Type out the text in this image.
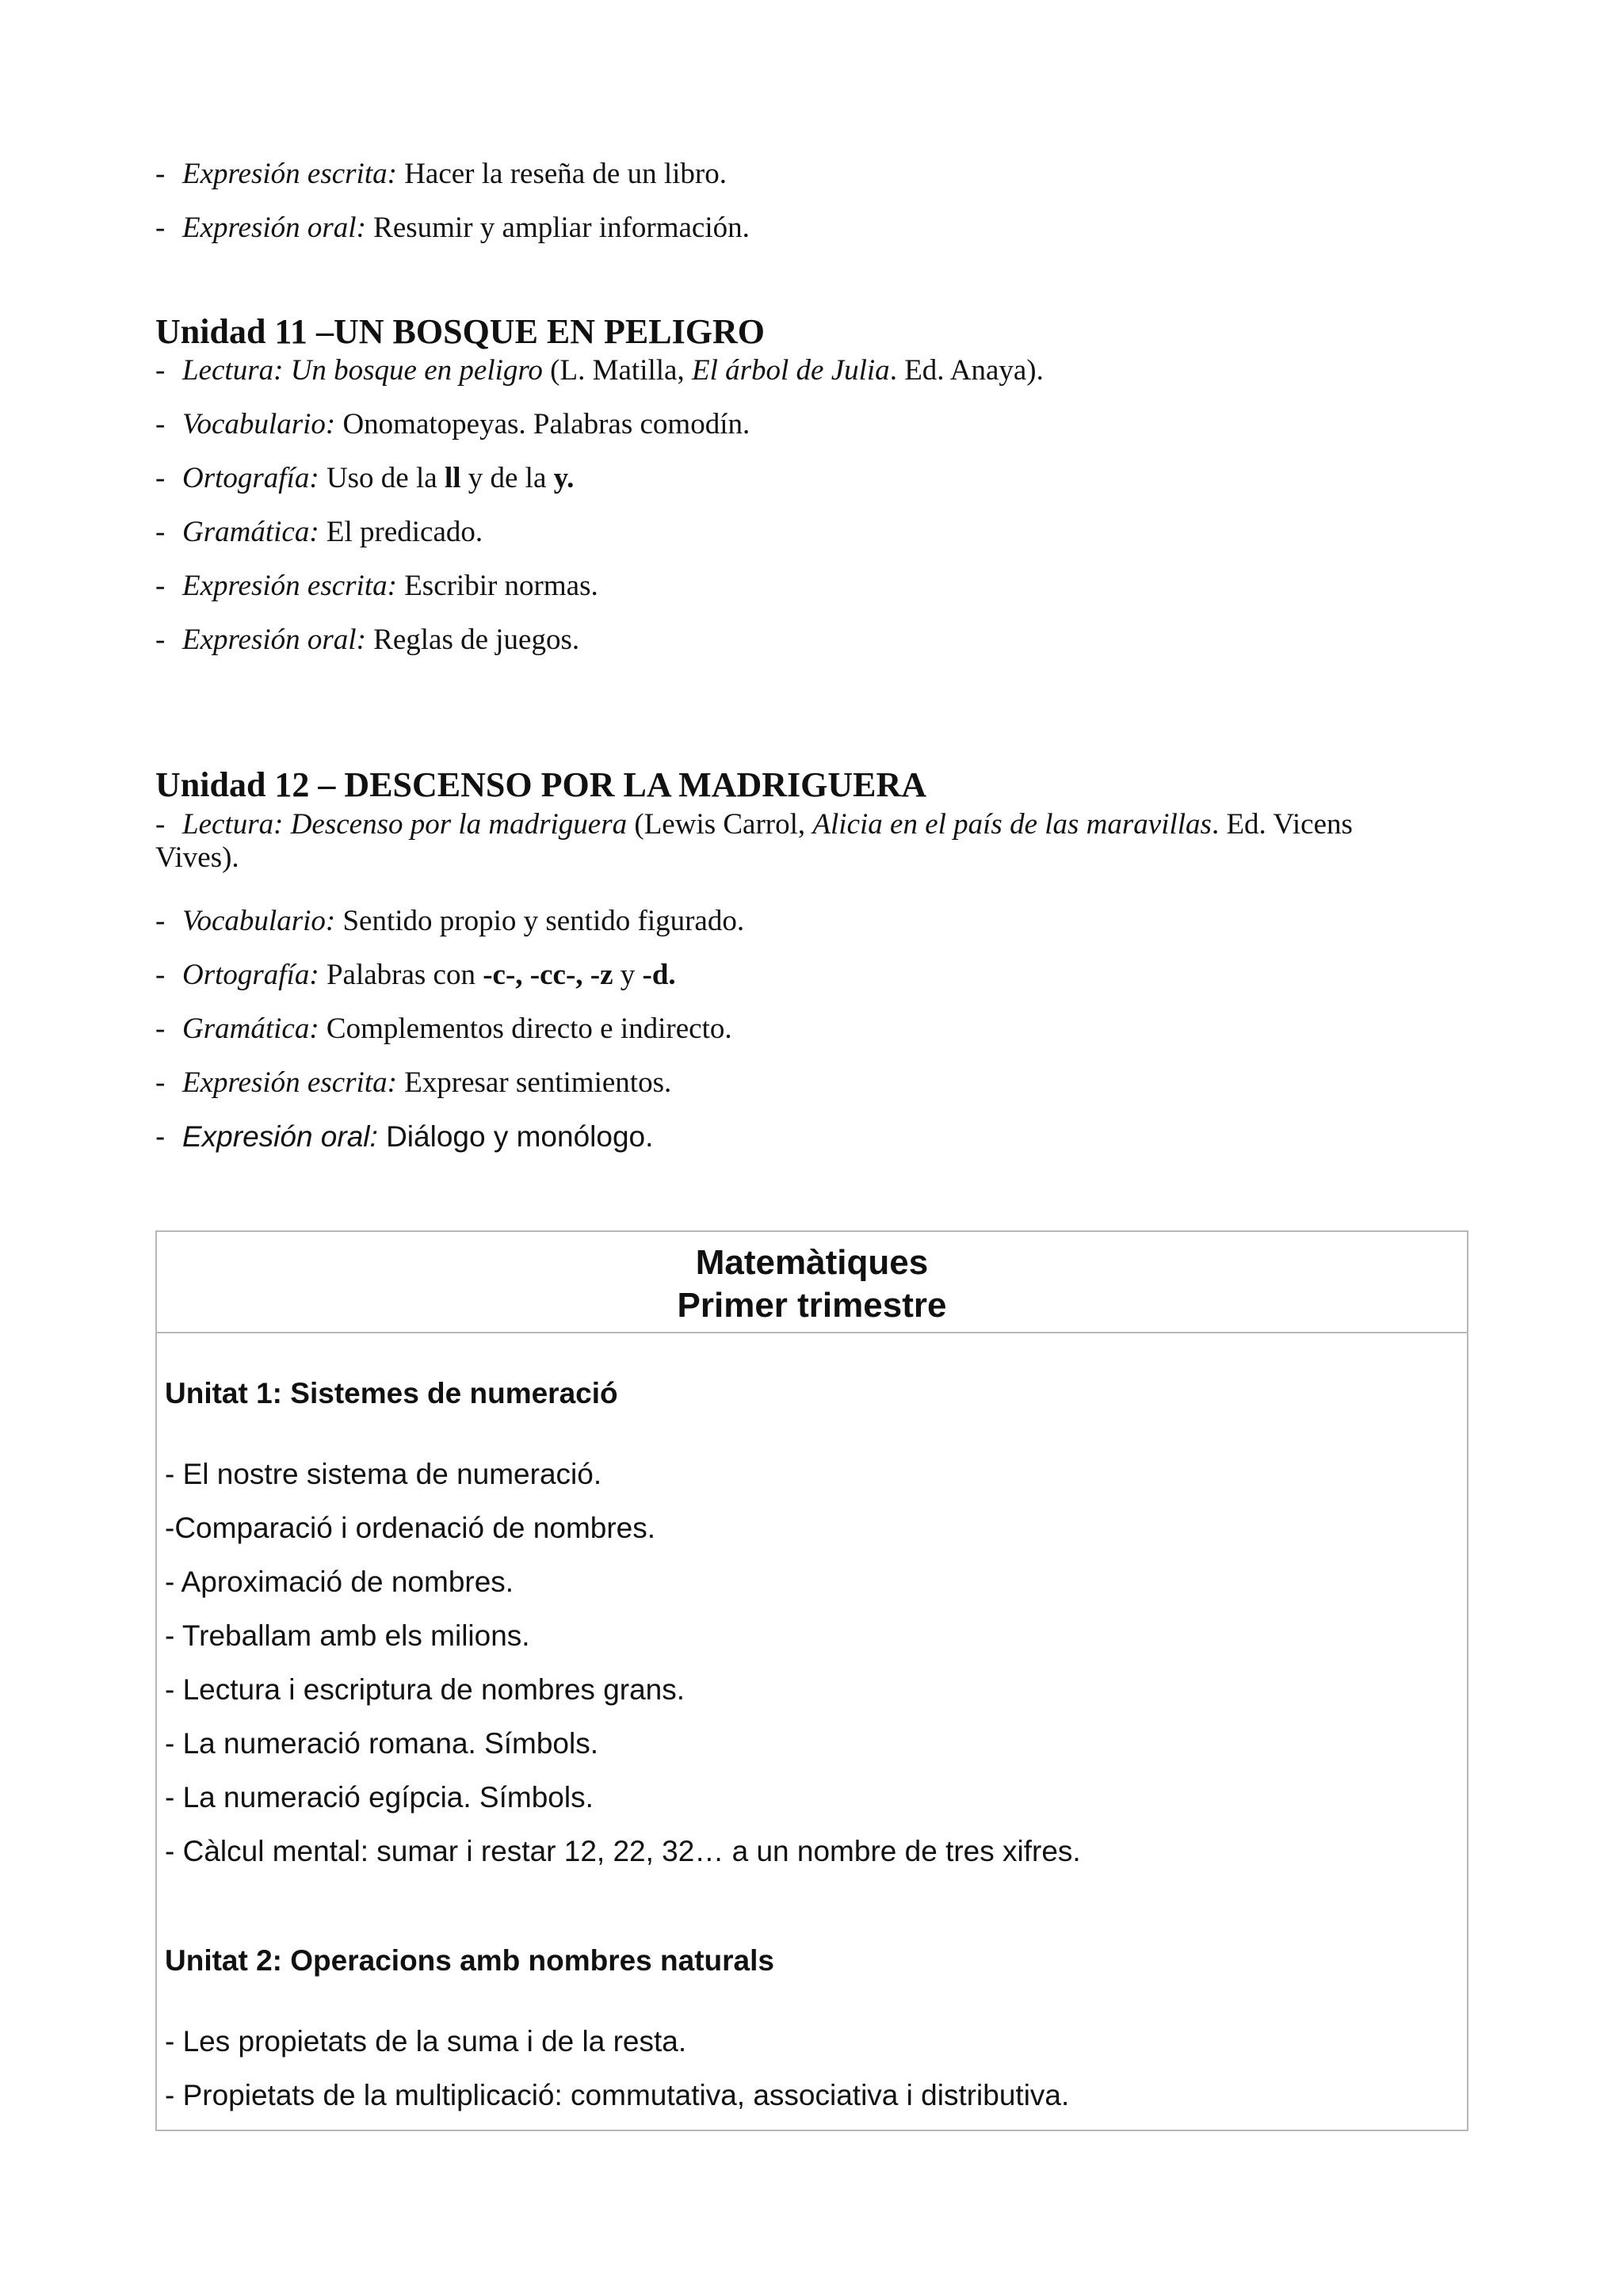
- Expresión escrita: Hacer la reseña de un libro.
- Expresión oral: Resumir y ampliar información.
Unidad 11 –UN BOSQUE EN PELIGRO
- Lectura: Un bosque en peligro (L. Matilla, El árbol de Julia. Ed. Anaya).
- Vocabulario: Onomatopeyas. Palabras comodín.
- Ortografía: Uso de la ll y de la y.
- Gramática: El predicado.
- Expresión escrita: Escribir normas.
- Expresión oral: Reglas de juegos.
Unidad 12 – DESCENSO POR LA MADRIGUERA
- Lectura: Descenso por la madriguera (Lewis Carrol, Alicia en el país de las maravillas. Ed. Vicens Vives).
- Vocabulario: Sentido propio y sentido figurado.
- Ortografía: Palabras con -c-, -cc-, -z y -d.
- Gramática: Complementos directo e indirecto.
- Expresión escrita: Expresar sentimientos.
- Expresión oral: Diálogo y monólogo.
Matemàtiques
Primer trimestre
Unitat 1: Sistemes de numeració
- El nostre sistema de numeració.
-Comparació i ordenació de nombres.
- Aproximació de nombres.
- Treballam amb els milions.
- Lectura i escriptura de nombres grans.
- La numeració romana. Símbols.
- La numeració egípcia. Símbols.
- Càlcul mental: sumar i restar 12, 22, 32… a un nombre de tres xifres.
Unitat 2: Operacions amb nombres naturals
- Les propietats de la suma i de la resta.
- Propietats de la multiplicació: commutativa, associativa i distributiva.
